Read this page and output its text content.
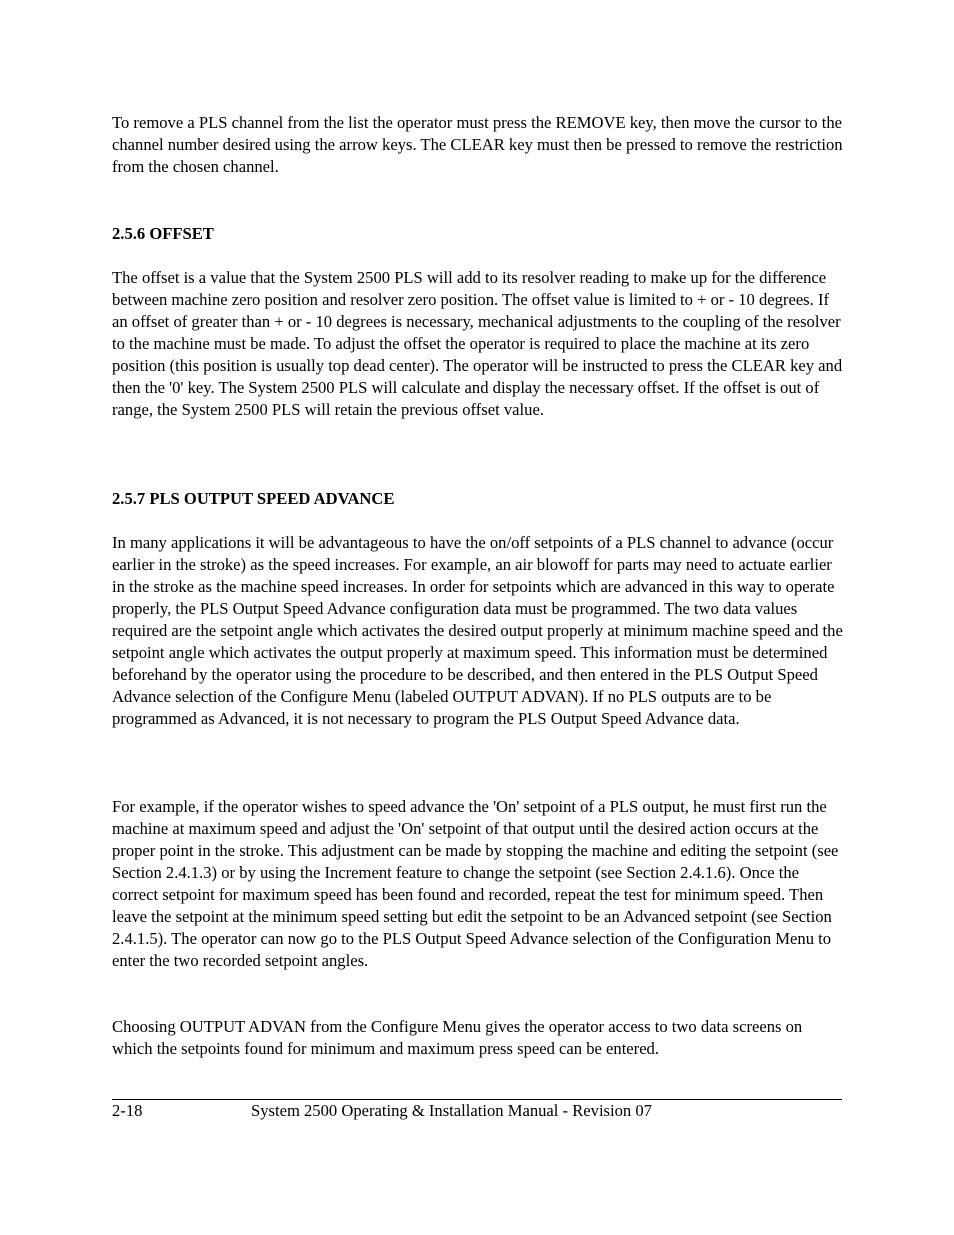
To remove a PLS channel from the list the operator must press the REMOVE key, then move the cursor to the channel number desired using the arrow keys. The CLEAR key must then be pressed to remove the restriction from the chosen channel.

2.5.6 OFFSET

The offset is a value that the System 2500 PLS will add to its resolver reading to make up for the difference between machine zero position and resolver zero position. The offset value is limited to + or - 10 degrees. If an offset of greater than + or - 10 degrees is necessary, mechanical adjustments to the coupling of the resolver to the machine must be made. To adjust the offset the operator is required to place the machine at its zero position (this position is usually top dead center). The operator will be instructed to press the CLEAR key and then the '0' key. The System 2500 PLS will calculate and display the necessary offset. If the offset is out of range, the System 2500 PLS will retain the previous offset value.

2.5.7 PLS OUTPUT SPEED ADVANCE

In many applications it will be advantageous to have the on/off setpoints of a PLS channel to advance (occur earlier in the stroke) as the speed increases. For example, an air blowoff for parts may need to actuate earlier in the stroke as the machine speed increases. In order for setpoints which are advanced in this way to operate properly, the PLS Output Speed Advance configuration data must be programmed. The two data values required are the setpoint angle which activates the desired output properly at minimum machine speed and the setpoint angle which activates the output properly at maximum speed. This information must be determined beforehand by the operator using the procedure to be described, and then entered in the PLS Output Speed Advance selection of the Configure Menu (labeled OUTPUT ADVAN). If no PLS outputs are to be programmed as Advanced, it is not necessary to program the PLS Output Speed Advance data.

For example, if the operator wishes to speed advance the 'On' setpoint of a PLS output, he must first run the machine at maximum speed and adjust the 'On' setpoint of that output until the desired action occurs at the proper point in the stroke. This adjustment can be made by stopping the machine and editing the setpoint (see Section 2.4.1.3) or by using the Increment feature to change the setpoint (see Section 2.4.1.6). Once the correct setpoint for maximum speed has been found and recorded, repeat the test for minimum speed. Then leave the setpoint at the minimum speed setting but edit the setpoint to be an Advanced setpoint (see Section 2.4.1.5). The operator can now go to the PLS Output Speed Advance selection of the Configuration Menu to enter the two recorded setpoint angles.

Choosing OUTPUT ADVAN from the Configure Menu gives the operator access to two data screens on which the setpoints found for minimum and maximum press speed can be entered.

2-18	System 2500 Operating & Installation Manual - Revision 07
